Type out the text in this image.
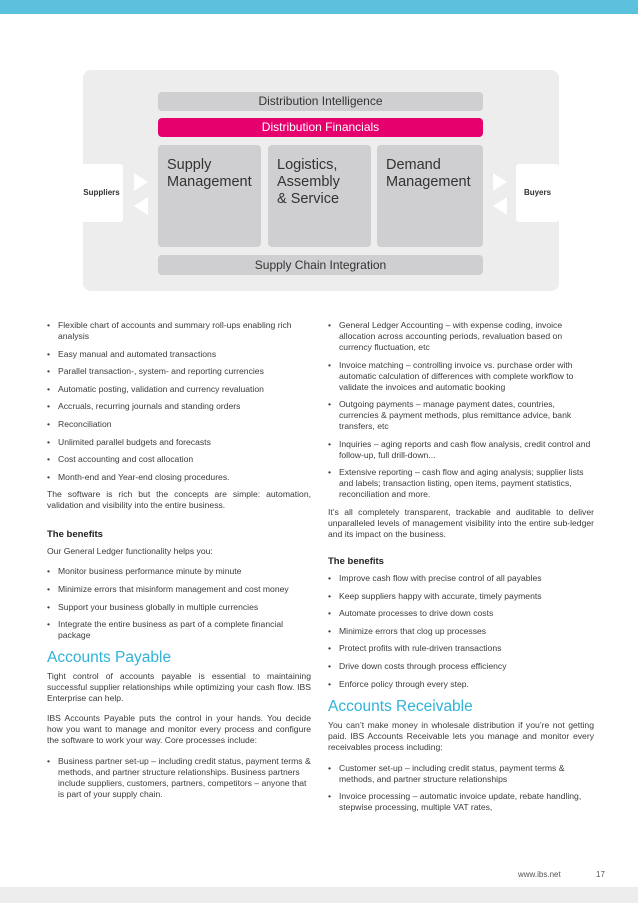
Distribution Intelligence
Distribution Financials
Suppliers
Supply
Management
Logistics,
Assembly
& Service
Demand
Management
Buyers
Supply Chain Integration
• Flexible chart of accounts and summary roll-ups enabling rich analysis
• Easy manual and automated transactions
• Parallel transaction-, system- and reporting currencies
• Automatic posting, validation and currency revaluation
• Accruals, recurring journals and standing orders
• Reconciliation
• Unlimited parallel budgets and forecasts
• Cost accounting and cost allocation
• Month-end and Year-end closing procedures.

The software is rich but the concepts are simple: automation, validation and visibility into the entire business.

The benefits

Our General Ledger functionality helps you:

• Monitor business performance minute by minute
• Minimize errors that misinform management and cost money
• Support your business globally in multiple currencies
• Integrate the entire business as part of a complete financial package
Accounts Payable

Tight control of accounts payable is essential to maintaining successful supplier relationships while optimizing your cash flow. IBS Enterprise can help.

IBS Accounts Payable puts the control in your hands. You decide how you want to manage and monitor every process and configure the software to work your way. Core processes include:

• Business partner set-up – including credit status, payment terms & methods, and partner structure relationships. Business partners include suppliers, customers, partners, competitors – anyone that is part of your supply chain.
• General Ledger Accounting – with expense coding, invoice allocation across accounting periods, revaluation based on currency fluctuation, etc
• Invoice matching – controlling invoice vs. purchase order with automatic calculation of differences with complete workflow to validate the invoices and automatic booking
• Outgoing payments – manage payment dates, countries, currencies & payment methods, plus remittance advice, bank transfers, etc
• Inquiries – aging reports and cash flow analysis, credit control and follow-up, full drill-down...
• Extensive reporting – cash flow and aging analysis; supplier lists and labels; transaction listing, open items, payment statistics, reconciliation and more.

It’s all completely transparent, trackable and auditable to deliver unparalleled levels of management visibility into the entire sub-ledger and its impact on the business.

The benefits
• Improve cash flow with precise control of all payables
• Keep suppliers happy with accurate, timely payments
• Automate processes to drive down costs
• Minimize errors that clog up processes
• Protect profits with rule-driven transactions
• Drive down costs through process efficiency
• Enforce policy through every step.
Accounts Receivable

You can’t make money in wholesale distribution if you’re not getting paid. IBS Accounts Receivable lets you manage and monitor every receivables process including:

• Customer set-up – including credit status, payment terms & methods, and partner structure relationships
• Invoice processing – automatic invoice update, rebate handling, stepwise processing, multiple VAT rates,
www.ibs.net	17
